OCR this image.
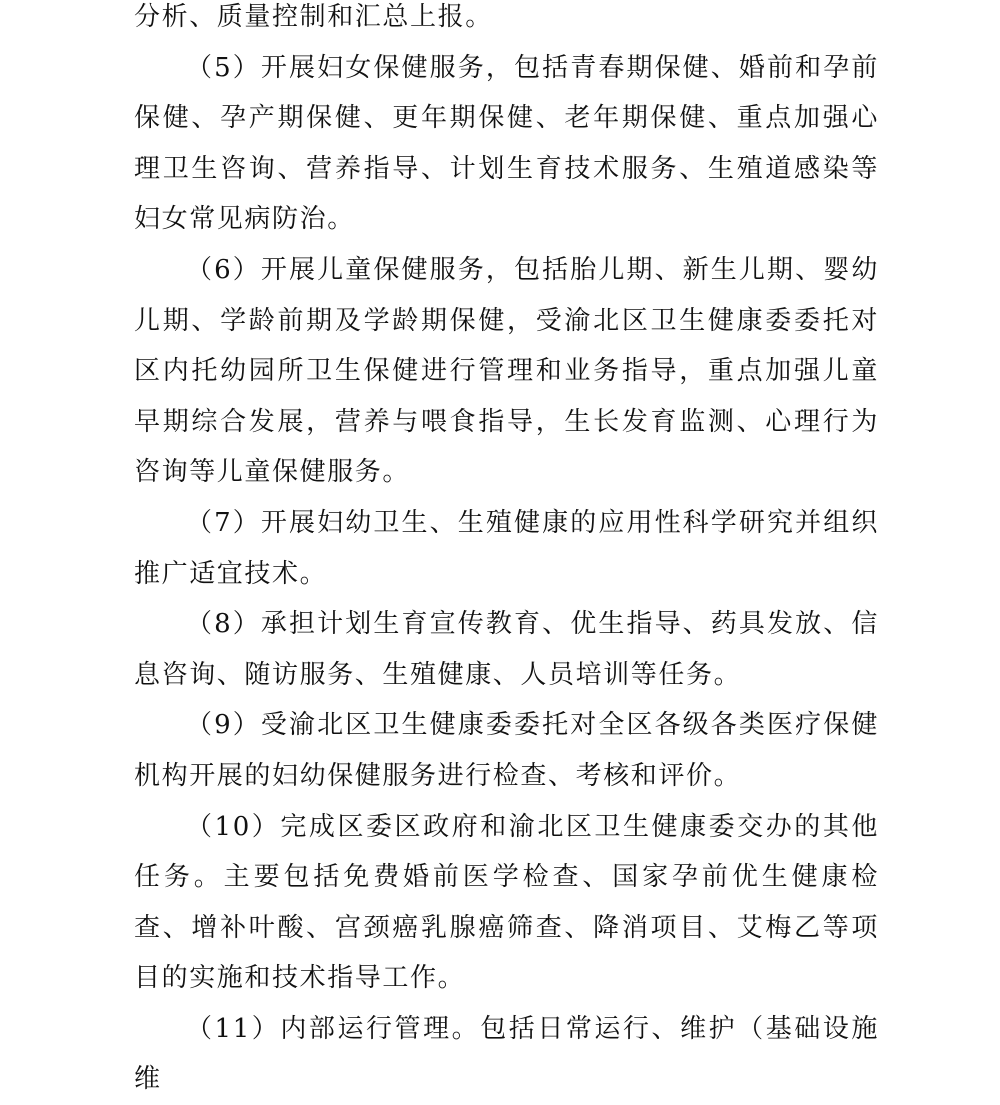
分析、质量控制和汇总上报。

（5）开展妇女保健服务，包括青春期保健、婚前和孕前保健、孕产期保健、更年期保健、老年期保健、重点加强心理卫生咨询、营养指导、计划生育技术服务、生殖道感染等妇女常见病防治。

（6）开展儿童保健服务，包括胎儿期、新生儿期、婴幼儿期、学龄前期及学龄期保健，受渝北区卫生健康委委托对区内托幼园所卫生保健进行管理和业务指导，重点加强儿童早期综合发展，营养与喂食指导，生长发育监测、心理行为咨询等儿童保健服务。

（7）开展妇幼卫生、生殖健康的应用性科学研究并组织推广适宜技术。

（8）承担计划生育宣传教育、优生指导、药具发放、信息咨询、随访服务、生殖健康、人员培训等任务。

（9）受渝北区卫生健康委委托对全区各级各类医疗保健机构开展的妇幼保健服务进行检查、考核和评价。

（10）完成区委区政府和渝北区卫生健康委交办的其他任务。主要包括免费婚前医学检查、国家孕前优生健康检查、增补叶酸、宫颈癌乳腺癌筛查、降消项目、艾梅乙等项目的实施和技术指导工作。

（11）内部运行管理。包括日常运行、维护（基础设施维
